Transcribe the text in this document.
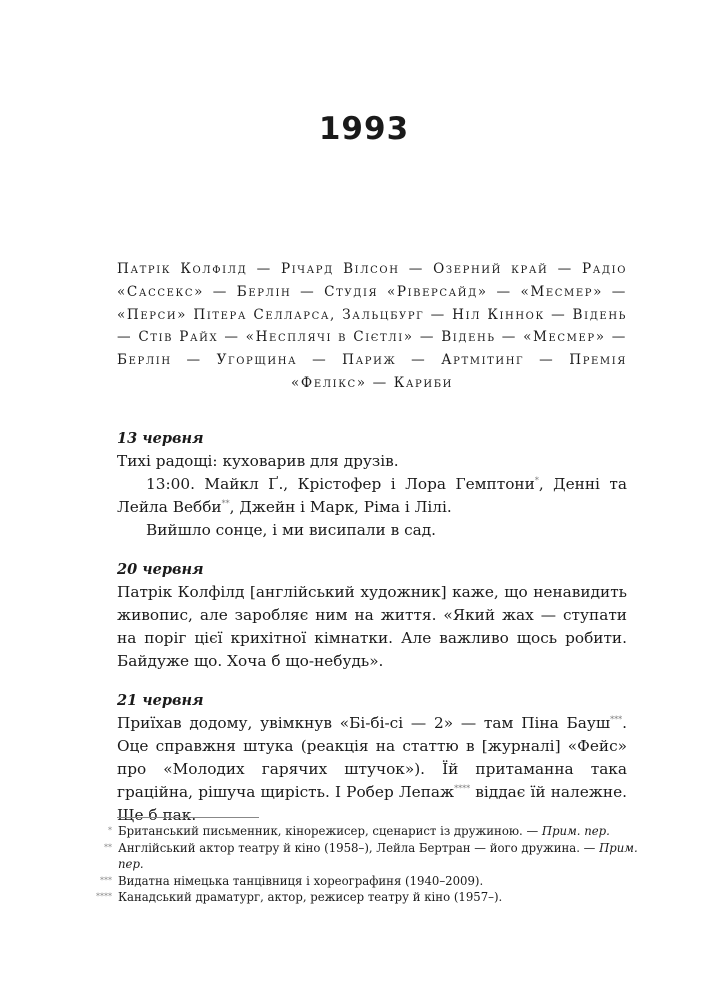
1993

Патрік Колфілд — Річард Вілсон — Озерний край — Радіо «Сассекс» — Берлін — Студія «Ріверсайд» — «Месмер» — «Перси» Пітера Селларса, Зальцбург — Ніл Кіннок — Відень — Стів Райх — «Несплячі в Сієтлі» — Відень — «Месмер» — Берлін — Угорщина — Париж — Артмітинг — Премія «Фелікс» — Кариби

13 червня

Тихі радощі: куховарив для друзів.

13:00. Майкл Ґ., Крістофер і Лора Гемптони*, Денні та Лейла Вебби**, Джейн і Марк, Ріма і Лілі.

Вийшло сонце, і ми висипали в сад.

20 червня

Патрік Колфілд [англійський художник] каже, що ненавидить живопис, але заробляє ним на життя. «Який жах — ступати на поріг цієї крихітної кімнатки. Але важливо щось робити. Байдуже що. Хоча б що-небудь».

21 червня

Приїхав додому, увімкнув «Бі-бі-сі — 2» — там Піна Бауш***. Оце справжня штука (реакція на статтю в [журналі] «Фейс» про «Молодих гарячих штучок»). Їй притаманна така граційна, рішуча щирість. І Робер Лепаж**** віддає їй належне. Ще б пак.

* Британський письменник, кінорежисер, сценарист із дружиною. — Прим. пер.
** Англійський актор театру й кіно (1958–), Лейла Бертран — його дружина. — Прим. пер.
*** Видатна німецька танцівниця і хореографиня (1940–2009).
**** Канадський драматург, актор, режисер театру й кіно (1957–).
